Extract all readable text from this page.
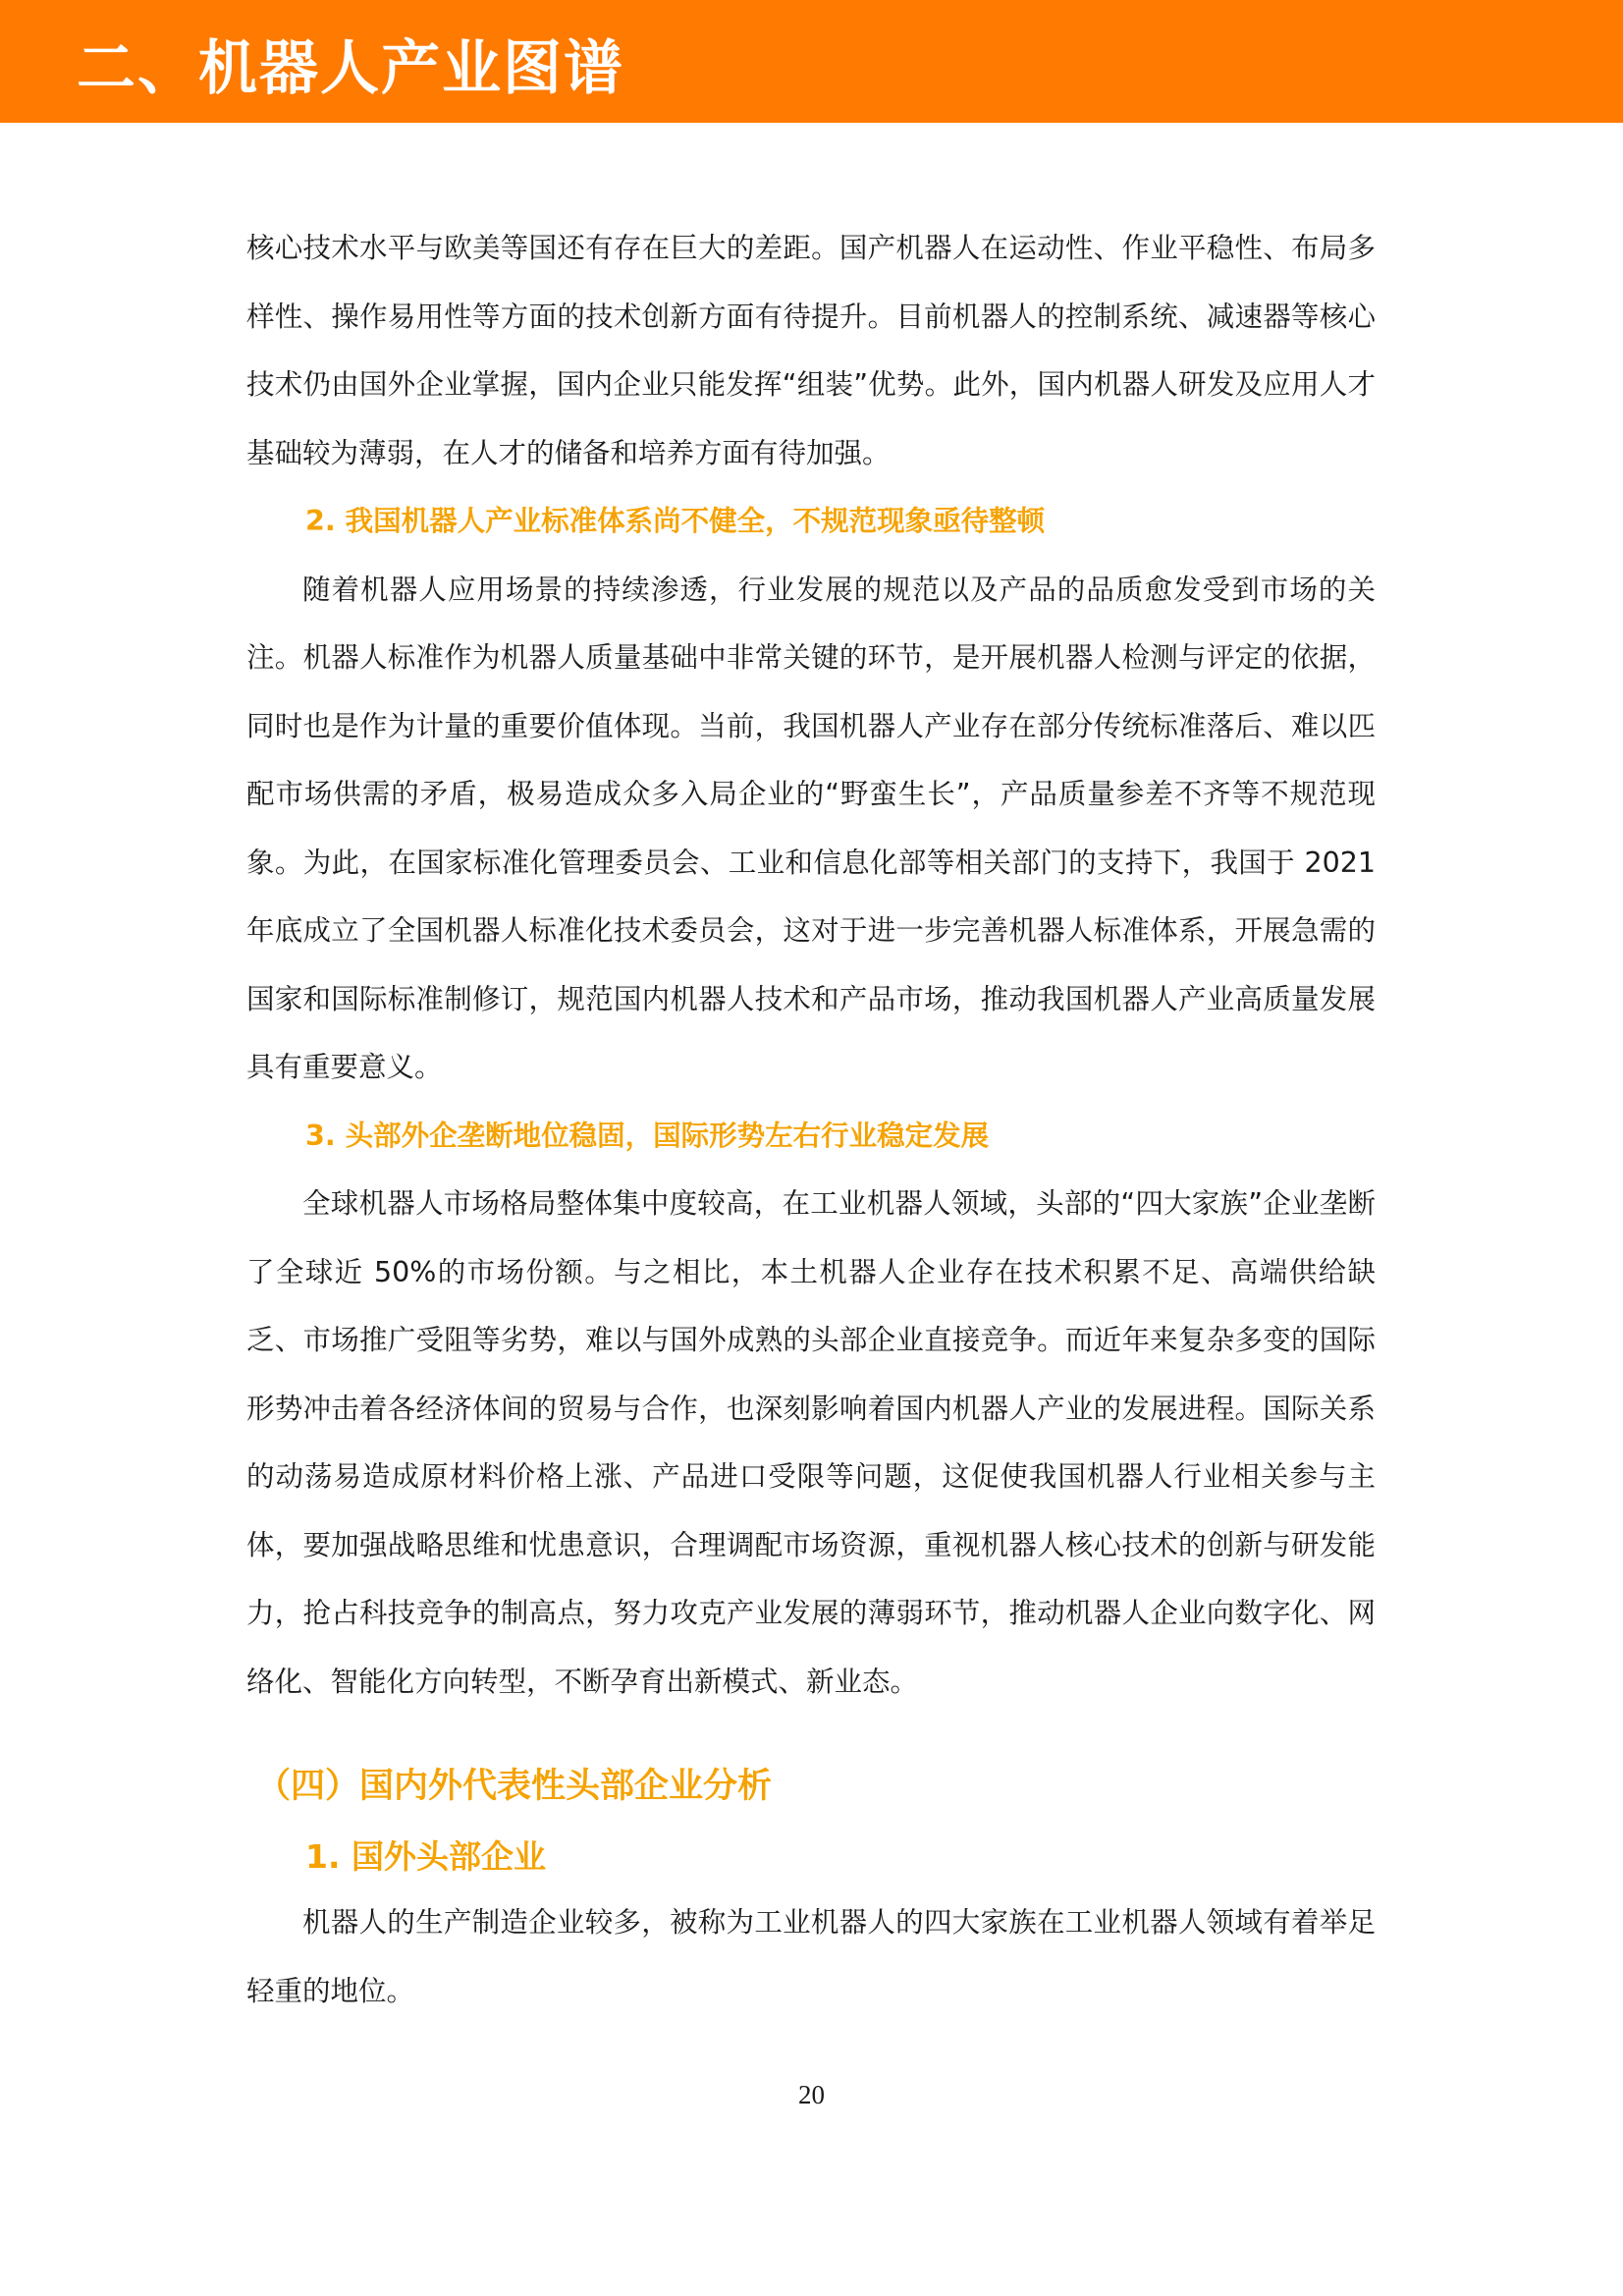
二、机器人产业图谱

核心技术水平与欧美等国还有存在巨大的差距。国产机器人在运动性、作业平稳性、布局多样性、操作易用性等方面的技术创新方面有待提升。目前机器人的控制系统、减速器等核心技术仍由国外企业掌握，国内企业只能发挥“组装”优势。此外，国内机器人研发及应用人才基础较为薄弱，在人才的储备和培养方面有待加强。

2. 我国机器人产业标准体系尚不健全，不规范现象亟待整顿

随着机器人应用场景的持续渗透，行业发展的规范以及产品的品质愈发受到市场的关注。机器人标准作为机器人质量基础中非常关键的环节，是开展机器人检测与评定的依据，同时也是作为计量的重要价值体现。当前，我国机器人产业存在部分传统标准落后、难以匹配市场供需的矛盾，极易造成众多入局企业的“野蛮生长”，产品质量参差不齐等不规范现象。为此，在国家标准化管理委员会、工业和信息化部等相关部门的支持下，我国于 2021 年底成立了全国机器人标准化技术委员会，这对于进一步完善机器人标准体系，开展急需的国家和国际标准制修订，规范国内机器人技术和产品市场，推动我国机器人产业高质量发展具有重要意义。

3. 头部外企垄断地位稳固，国际形势左右行业稳定发展

全球机器人市场格局整体集中度较高，在工业机器人领域，头部的“四大家族”企业垄断了全球近 50%的市场份额。与之相比，本土机器人企业存在技术积累不足、高端供给缺乏、市场推广受阻等劣势，难以与国外成熟的头部企业直接竞争。而近年来复杂多变的国际形势冲击着各经济体间的贸易与合作，也深刻影响着国内机器人产业的发展进程。国际关系的动荡易造成原材料价格上涨、产品进口受限等问题，这促使我国机器人行业相关参与主体，要加强战略思维和忧患意识，合理调配市场资源，重视机器人核心技术的创新与研发能力，抢占科技竞争的制高点，努力攻克产业发展的薄弱环节，推动机器人企业向数字化、网络化、智能化方向转型，不断孕育出新模式、新业态。

（四）国内外代表性头部企业分析
1. 国外头部企业

机器人的生产制造企业较多，被称为工业机器人的四大家族在工业机器人领域有着举足轻重的地位。

20
